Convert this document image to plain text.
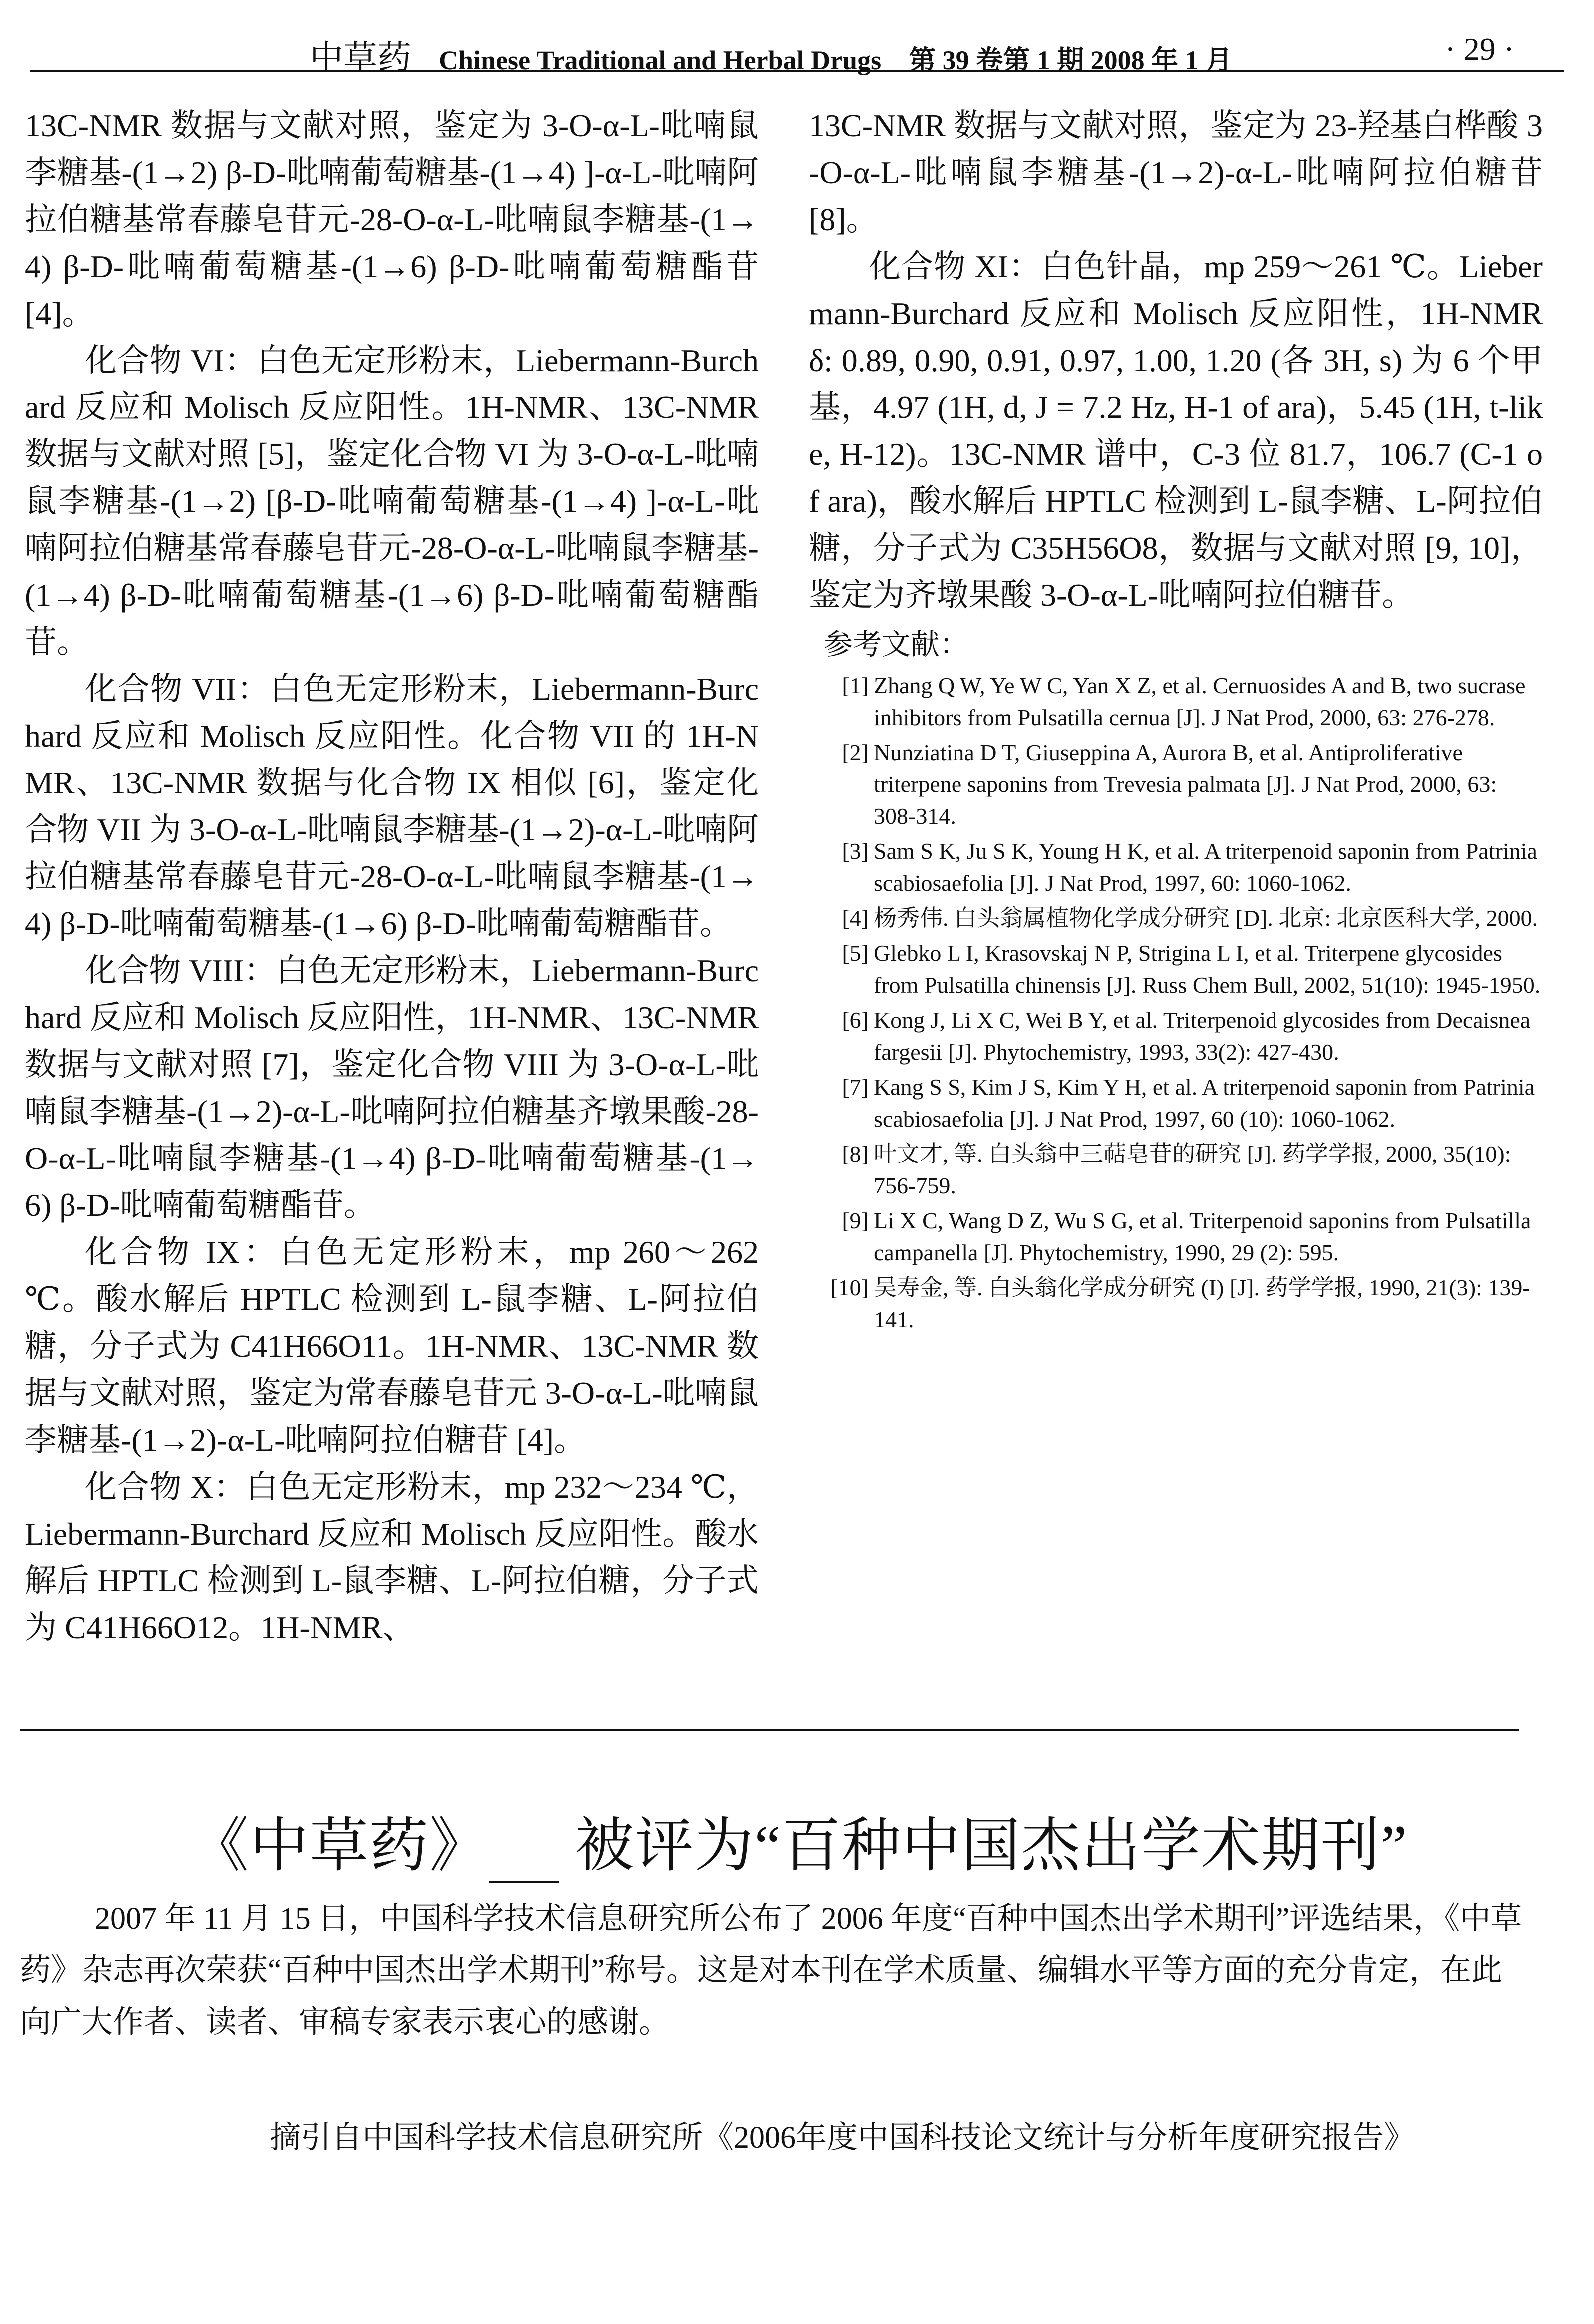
中草药 Chinese Traditional and Herbal Drugs 第 39 卷第 1 期 2008 年 1 月	· 29 ·

13C-NMR 数据与文献对照，鉴定为 3-O-α-L-吡喃鼠李糖基-(1→2) β-D-吡喃葡萄糖基-(1→4) ]-α-L-吡喃阿拉伯糖基常春藤皂苷元-28-O-α-L-吡喃鼠李糖基-(1→4) β-D-吡喃葡萄糖基-(1→6) β-D-吡喃葡萄糖酯苷 [4]。

化合物 VI：白色无定形粉末，Liebermann-Burchard 反应和 Molisch 反应阳性。1H-NMR、13C-NMR 数据与文献对照 [5]，鉴定化合物 VI 为 3-O-α-L-吡喃鼠李糖基-(1→2) [β-D-吡喃葡萄糖基-(1→4) ]-α-L-吡喃阿拉伯糖基常春藤皂苷元-28-O-α-L-吡喃鼠李糖基-(1→4) β-D-吡喃葡萄糖基-(1→6) β-D-吡喃葡萄糖酯苷。

化合物 VII：白色无定形粉末，Liebermann-Burchard 反应和 Molisch 反应阳性。化合物 VII 的 1H-NMR、13C-NMR 数据与化合物 IX 相似 [6]，鉴定化合物 VII 为 3-O-α-L-吡喃鼠李糖基-(1→2)-α-L-吡喃阿拉伯糖基常春藤皂苷元-28-O-α-L-吡喃鼠李糖基-(1→4) β-D-吡喃葡萄糖基-(1→6) β-D-吡喃葡萄糖酯苷。

化合物 VIII：白色无定形粉末，Liebermann-Burchard 反应和 Molisch 反应阳性，1H-NMR、13C-NMR 数据与文献对照 [7]，鉴定化合物 VIII 为 3-O-α-L-吡喃鼠李糖基-(1→2)-α-L-吡喃阿拉伯糖基齐墩果酸-28-O-α-L-吡喃鼠李糖基-(1→4) β-D-吡喃葡萄糖基-(1→6) β-D-吡喃葡萄糖酯苷。

化合物 IX：白色无定形粉末，mp 260～262 ℃。酸水解后 HPTLC 检测到 L-鼠李糖、L-阿拉伯糖，分子式为 C41H66O11。1H-NMR、13C-NMR 数据与文献对照，鉴定为常春藤皂苷元 3-O-α-L-吡喃鼠李糖基-(1→2)-α-L-吡喃阿拉伯糖苷 [4]。

化合物 X：白色无定形粉末，mp 232～234 ℃，Liebermann-Burchard 反应和 Molisch 反应阳性。酸水解后 HPTLC 检测到 L-鼠李糖、L-阿拉伯糖，分子式为 C41H66O12。1H-NMR、

13C-NMR 数据与文献对照，鉴定为 23-羟基白桦酸 3-O-α-L-吡喃鼠李糖基-(1→2)-α-L-吡喃阿拉伯糖苷 [8]。

化合物 XI：白色针晶，mp 259～261 ℃。Liebermann-Burchard 反应和 Molisch 反应阳性，1H-NMR δ: 0.89, 0.90, 0.91, 0.97, 1.00, 1.20 (各 3H, s) 为 6 个甲基，4.97 (1H, d, J = 7.2 Hz, H-1 of ara)，5.45 (1H, t-like, H-12)。13C-NMR 谱中，C-3 位 81.7，106.7 (C-1 of ara)，酸水解后 HPTLC 检测到 L-鼠李糖、L-阿拉伯糖，分子式为 C35H56O8，数据与文献对照 [9, 10]，鉴定为齐墩果酸 3-O-α-L-吡喃阿拉伯糖苷。

参考文献：
[1] Zhang Q W, Ye W C, Yan X Z, et al. Cernuosides A and B, two sucrase inhibitors from Pulsatilla cernua [J]. J Nat Prod, 2000, 63: 276-278.
[2] Nunziatina D T, Giuseppina A, Aurora B, et al. Antiproliferative triterpene saponins from Trevesia palmata [J]. J Nat Prod, 2000, 63: 308-314.
[3] Sam S K, Ju S K, Young H K, et al. A triterpenoid saponin from Patrinia scabiosaefolia [J]. J Nat Prod, 1997, 60: 1060-1062.
[4] 杨秀伟. 白头翁属植物化学成分研究 [D]. 北京: 北京医科大学, 2000.
[5] Glebko L I, Krasovskaj N P, Strigina L I, et al. Triterpene glycosides from Pulsatilla chinensis [J]. Russ Chem Bull, 2002, 51(10): 1945-1950.
[6] Kong J, Li X C, Wei B Y, et al. Triterpenoid glycosides from Decaisnea fargesii [J]. Phytochemistry, 1993, 33(2): 427-430.
[7] Kang S S, Kim J S, Kim Y H, et al. A triterpenoid saponin from Patrinia scabiosaefolia [J]. J Nat Prod, 1997, 60 (10): 1060-1062.
[8] 叶文才, 等. 白头翁中三萜皂苷的研究 [J]. 药学学报, 2000, 35(10): 756-759.
[9] Li X C, Wang D Z, Wu S G, et al. Triterpenoid saponins from Pulsatilla campanella [J]. Phytochemistry, 1990, 29 (2): 595.
[10] 吴寿金, 等. 白头翁化学成分研究 (I) [J]. 药学学报, 1990, 21(3): 139-141.
《中草药》 被评为“百种中国杰出学术期刊”

2007 年 11 月 15 日，中国科学技术信息研究所公布了 2006 年度“百种中国杰出学术期刊”评选结果，《中草药》杂志再次荣获“百种中国杰出学术期刊”称号。这是对本刊在学术质量、编辑水平等方面的充分肯定，在此向广大作者、读者、审稿专家表示衷心的感谢。

摘引自中国科学技术信息研究所《2006年度中国科技论文统计与分析年度研究报告》
